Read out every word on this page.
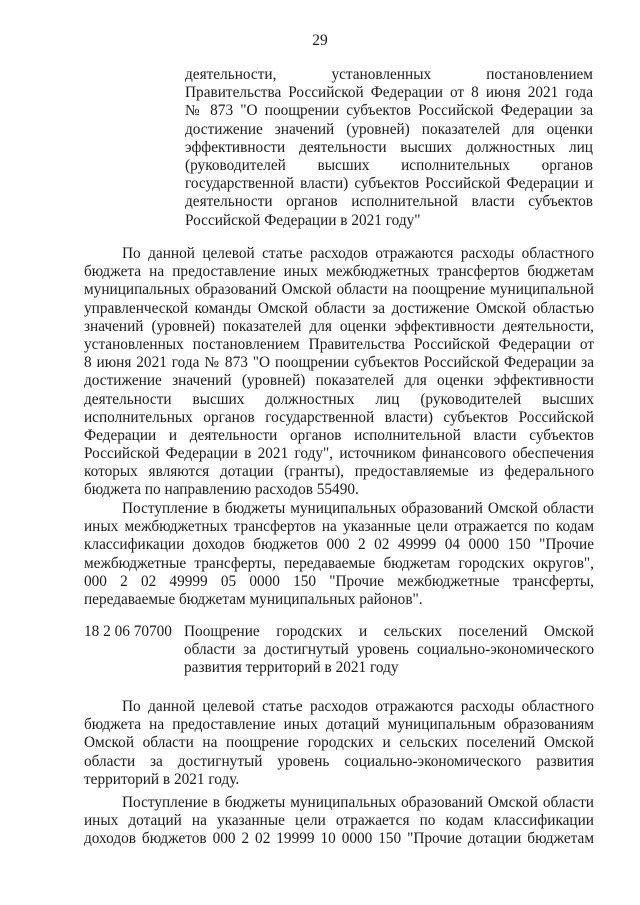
29
деятельности, установленных постановлением
Правительства Российской Федерации от 8 июня 2021 года
№ 873 "О поощрении субъектов Российской Федерации за
достижение значений (уровней) показателей для оценки
эффективности деятельности высших должностных лиц
(руководителей высших исполнительных органов
государственной власти) субъектов Российской Федерации и
деятельности органов исполнительной власти субъектов
Российской Федерации в 2021 году"
По данной целевой статье расходов отражаются расходы областного
бюджета на предоставление иных межбюджетных трансфертов бюджетам
муниципальных образований Омской области на поощрение муниципальной
управленческой команды Омской области за достижение Омской областью
значений (уровней) показателей для оценки эффективности деятельности,
установленных постановлением Правительства Российской Федерации от
8 июня 2021 года № 873 "О поощрении субъектов Российской Федерации за
достижение значений (уровней) показателей для оценки эффективности
деятельности высших должностных лиц (руководителей высших
исполнительных органов государственной власти) субъектов Российской
Федерации и деятельности органов исполнительной власти субъектов
Российской Федерации в 2021 году", источником финансового обеспечения
которых являются дотации (гранты), предоставляемые из федерального
бюджета по направлению расходов 55490.
Поступление в бюджеты муниципальных образований Омской области
иных межбюджетных трансфертов на указанные цели отражается по кодам
классификации доходов бюджетов 000 2 02 49999 04 0000 150 "Прочие
межбюджетные трансферты, передаваемые бюджетам городских округов",
000 2 02 49999 05 0000 150 "Прочие межбюджетные трансферты,
передаваемые бюджетам муниципальных районов".
18 2 06 70700 Поощрение городских и сельских поселений Омской
области за достигнутый уровень социально-экономического
развития территорий в 2021 году
По данной целевой статье расходов отражаются расходы областного
бюджета на предоставление иных дотаций муниципальным образованиям
Омской области на поощрение городских и сельских поселений Омской
области за достигнутый уровень социально-экономического развития
территорий в 2021 году.
Поступление в бюджеты муниципальных образований Омской области
иных дотаций на указанные цели отражается по кодам классификации
доходов бюджетов 000 2 02 19999 10 0000 150 "Прочие дотации бюджетам
